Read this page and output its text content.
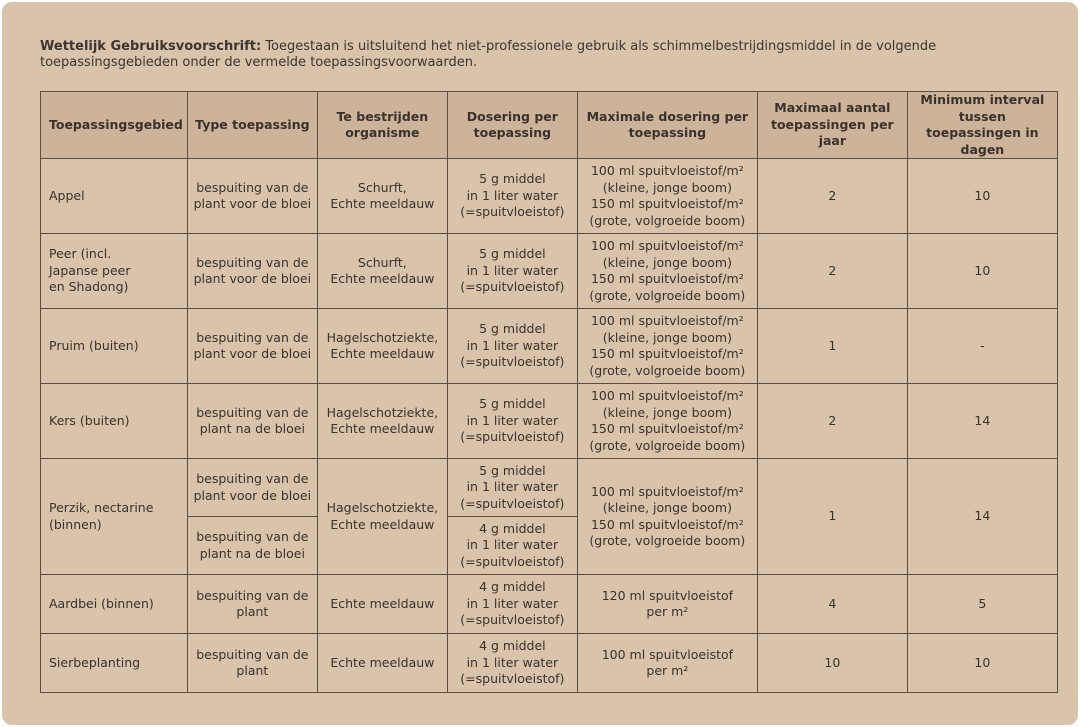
Wettelijk Gebruiksvoorschrift: Toegestaan is uitsluitend het niet-professionele gebruik als schimmelbestrijdingsmiddel in de volgende toepassingsgebieden onder de vermelde toepassingsvoorwaarden.
Toepassingsgebied	Type toepassing	Te bestrijden organisme	Dosering per toepassing	Maximale dosering per toepassing	Maximaal aantal toepassingen per jaar	Minimum interval tussen toepassingen in dagen
Appel	bespuiting van de plant voor de bloei	Schurft,
Echte meeldauw	5 g middel
in 1 liter water
(=spuitvloeistof)	100 ml spuitvloeistof/m²
(kleine, jonge boom)
150 ml spuitvloeistof/m²
(grote, volgroeide boom)	2	10
Peer (incl.
Japanse peer
en Shadong)	bespuiting van de plant voor de bloei	Schurft,
Echte meeldauw	5 g middel
in 1 liter water
(=spuitvloeistof)	100 ml spuitvloeistof/m²
(kleine, jonge boom)
150 ml spuitvloeistof/m²
(grote, volgroeide boom)	2	10
Pruim (buiten)	bespuiting van de plant voor de bloei	Hagelschotziekte,
Echte meeldauw	5 g middel
in 1 liter water
(=spuitvloeistof)	100 ml spuitvloeistof/m²
(kleine, jonge boom)
150 ml spuitvloeistof/m²
(grote, volgroeide boom)	1	-
Kers (buiten)	bespuiting van de plant na de bloei	Hagelschotziekte,
Echte meeldauw	5 g middel
in 1 liter water
(=spuitvloeistof)	100 ml spuitvloeistof/m²
(kleine, jonge boom)
150 ml spuitvloeistof/m²
(grote, volgroeide boom)	2	14
Perzik, nectarine
(binnen)	bespuiting van de plant voor de bloei	Hagelschotziekte,
Echte meeldauw	5 g middel
in 1 liter water
(=spuitvloeistof)	100 ml spuitvloeistof/m²
(kleine, jonge boom)
150 ml spuitvloeistof/m²
(grote, volgroeide boom)	1	14
	bespuiting van de plant na de bloei		4 g middel
in 1 liter water
(=spuitvloeistof)			
Aardbei (binnen)	bespuiting van de plant	Echte meeldauw	4 g middel
in 1 liter water
(=spuitvloeistof)	120 ml spuitvloeistof
per m²	4	5
Sierbeplanting	bespuiting van de plant	Echte meeldauw	4 g middel
in 1 liter water
(=spuitvloeistof)	100 ml spuitvloeistof
per m²	10	10
